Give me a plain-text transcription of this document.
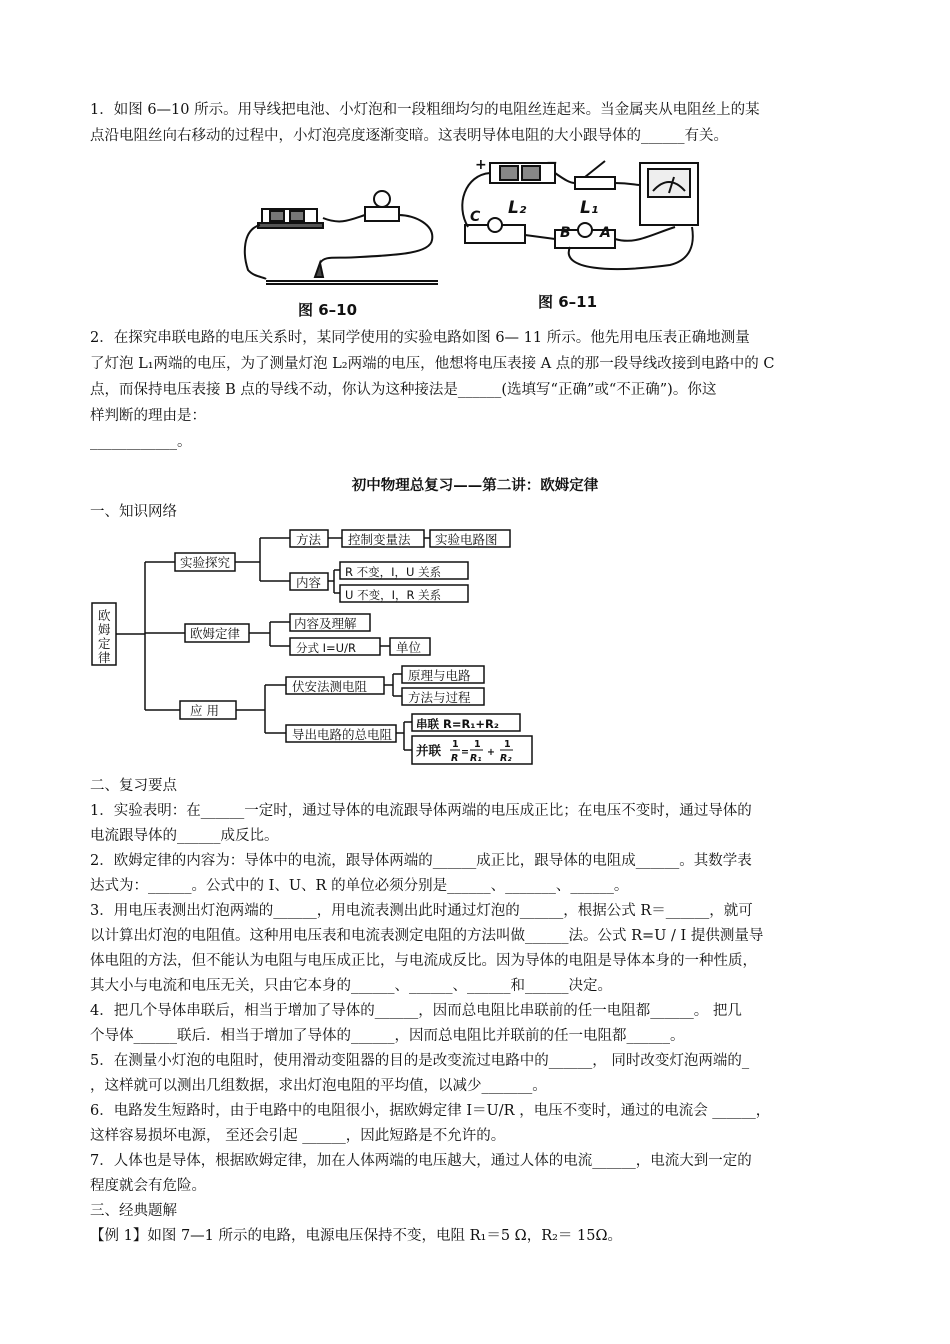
1．如图 6—10 所示。用导线把电池、小灯泡和一段粗细均匀的电阻丝连起来。当金属夹从电阻丝上的某
点沿电阻丝向右移动的过程中，小灯泡亮度逐渐变暗。这表明导体电阻的大小跟导体的______有关。
图 6–10
+	−
C L₂	L₁
B A
图 6–11
2．在探究串联电路的电压关系时，某同学使用的实验电路如图 6— 11 所示。他先用电压表正确地测量
了灯泡 L₁两端的电压，为了测量灯泡 L₂两端的电压，他想将电压表接 A 点的那一段导线改接到电路中的 C
点，而保持电压表接 B 点的导线不动，你认为这种接法是______(选填写“正确”或“不正确”)。你这
样判断的理由是：
____________。
初中物理总复习——第二讲：欧姆定律
一、知识网络
欧
姆
定
律
实验探究
欧姆定律
应 用
方法 控制变量法 实验电路图
内容
R 不变，I，U 关系
U 不变，I，R 关系
内容及理解
分式 I=U/R	单位
伏安法测电阻
原理与电路
方法与过程
导出电路的总电阻
串联 R=R₁+R₂
并联 1
R
=
1
R₁
+
1
R₂
二、复习要点
1．实验表明：在______一定时，通过导体的电流跟导体两端的电压成正比；在电压不变时，通过导体的
电流跟导体的______成反比。
2．欧姆定律的内容为：导体中的电流，跟导体两端的______成正比，跟导体的电阻成______。其数学表
达式为：______。公式中的 I、U、R 的单位必须分别是______、_______、______。
3．用电压表测出灯泡两端的______，用电流表测出此时通过灯泡的______，根据公式 R＝______，就可
以计算出灯泡的电阻值。这种用电压表和电流表测定电阻的方法叫做______法。公式 R=U / I 提供测量导
体电阻的方法，但不能认为电阻与电压成正比，与电流成反比。因为导体的电阻是导体本身的一种性质，
其大小与电流和电压无关，只由它本身的______、______、______和______决定。
4．把几个导体串联后，相当于增加了导体的______，因而总电阻比串联前的任一电阻都______。 把几
个导体______联后．相当于增加了导体的______，因而总电阻比并联前的任一电阻都______。
5．在测量小灯泡的电阻时，使用滑动变阻器的目的是改变流过电路中的______， 同时改变灯泡两端的_
，这样就可以测出几组数据，求出灯泡电阻的平均值，以减少_______。
6．电路发生短路时，由于电路中的电阻很小，据欧姆定律 I＝U/R ，电压不变时，通过的电流会 ______，
这样容易损坏电源， 至还会引起 ______，因此短路是不允许的。
7．人体也是导体，根据欧姆定律，加在人体两端的电压越大，通过人体的电流______，电流大到一定的
程度就会有危险。
三、经典题解
【例 1】如图 7—1 所示的电路，电源电压保持不变，电阻 R₁＝5 Ω，R₂＝ 15Ω。
